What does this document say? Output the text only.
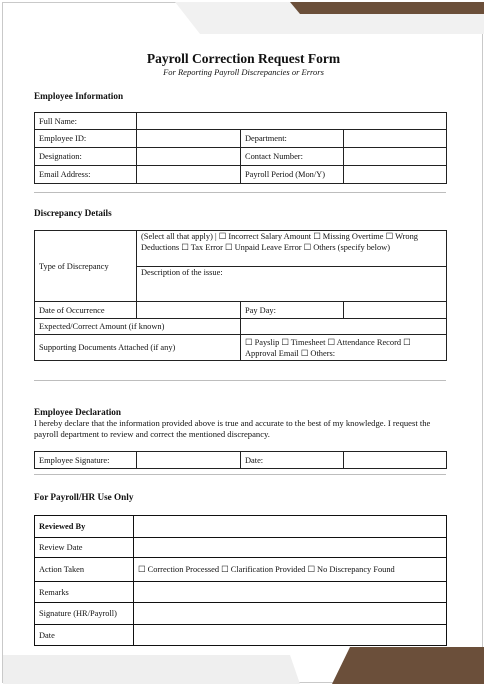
Payroll Correction Request Form
For Reporting Payroll Discrepancies or Errors
Employee Information
Full Name:			
Employee ID:		Department:	
Designation:		Contact Number:	
Email Address:		Payroll Period (Mon/Y)	
Discrepancy Details
Type of Discrepancy	(Select all that apply) | ☐ Incorrect Salary Amount ☐ Missing Overtime ☐ Wrong Deductions ☐ Tax Error ☐ Unpaid Leave Error ☐ Others (specify below)		
	Description of the issue:		
Date of Occurrence		Pay Day:	
Expected/Correct Amount (if known)			
Supporting Documents Attached (if any)		☐ Payslip ☐ Timesheet ☐ Attendance Record ☐ Approval Email ☐ Others:	
Employee Declaration
I hereby declare that the information provided above is true and accurate to the best of my knowledge. I request the payroll department to review and correct the mentioned discrepancy.
Employee Signature:		Date:	
For Payroll/HR Use Only
Reviewed By	
Review Date	
Action Taken	☐ Correction Processed ☐ Clarification Provided ☐ No Discrepancy Found
Remarks	
Signature (HR/Payroll)	
Date	
